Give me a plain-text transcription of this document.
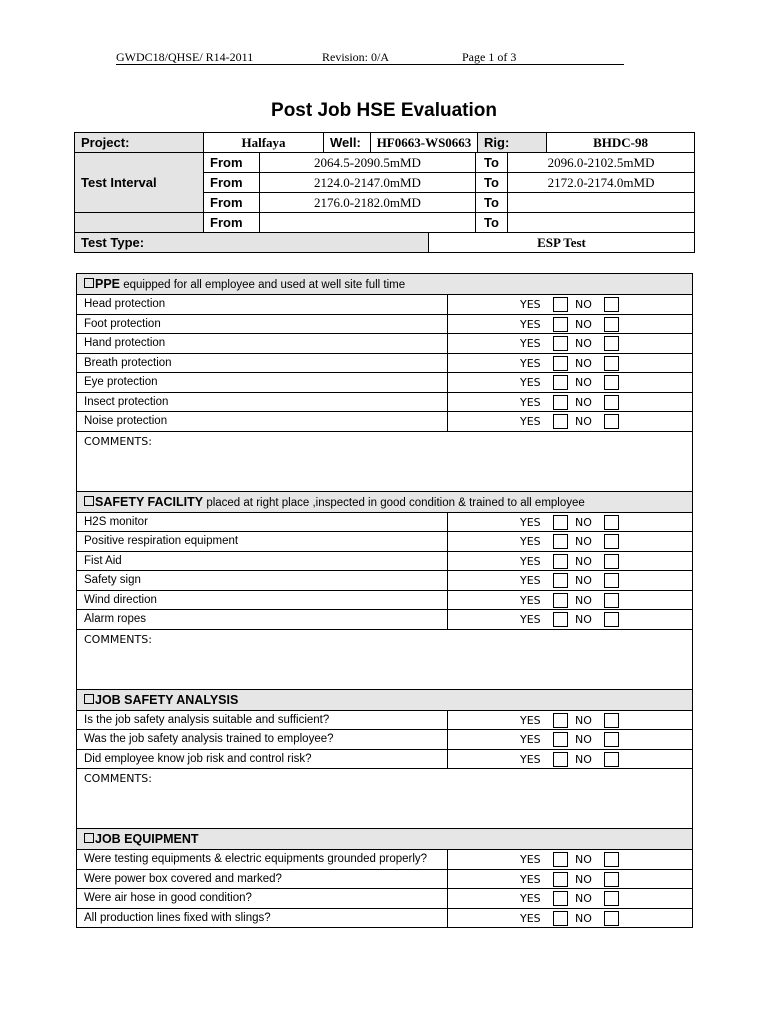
GWDC18/QHSE/ R14-2011	Revision: 0/A	Page 1 of 3
Post Job HSE Evaluation
Project:	Halfaya		Well: HF0663-WS0663 Rig: BHDC-98			

Test Interval	From	2064.5-2090.5mMD			To	2096.0-2102.5mMD
	From	2124.0-2147.0mMD			To	2172.0-2174.0mMD
	From	2176.0-2182.0mMD			To	
	From				To	
Test Type:				ESP Test		
PPE equipped for all employee and used at well site full time	
Head protection	YES NO

Foot protection	YES NO

Hand protection	YES NO

Breath protection	YES NO

Eye protection	YES NO

Insect protection	YES NO

Noise protection	YES NO

COMMENTS:	
SAFETY FACILITY placed at right place ,inspected in good condition & trained to all employee	
H2S monitor	YES NO

Positive respiration equipment	YES NO

Fist Aid	YES NO

Safety sign	YES NO

Wind direction	YES NO

Alarm ropes	YES NO

COMMENTS:	
JOB SAFETY ANALYSIS	
Is the job safety analysis suitable and sufficient?	YES NO

Was the job safety analysis trained to employee?	YES NO

Did employee know job risk and control risk?	YES NO

COMMENTS:	
JOB EQUIPMENT	
Were testing equipments & electric equipments grounded properly?	YES NO

Were power box covered and marked?	YES NO

Were air hose in good condition?	YES NO

All production lines fixed with slings?	YES NO
